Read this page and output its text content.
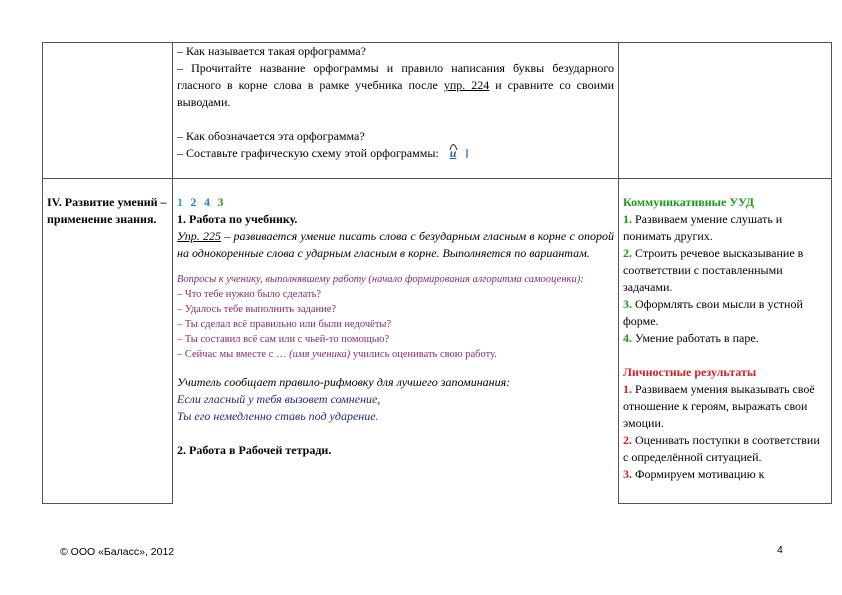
– Как называется такая орфограмма?

– Прочитайте название орфограммы и правило написания буквы безударного гласного в корне слова в рамке учебника после упр. 224 и сравните со своими выводами.

– Как обозначается эта орфограмма?

– Составьте графическую схему этой орфограммы: и

IV. Развитие умений – применение знания.

1 2 4 3

1. Работа по учебнику.

Упр. 225 – развивается умение писать слова с безударным гласным в корне с опорой на однокоренные слова с ударным гласным в корне. Выполняется по вариантам.

Вопросы к ученику, выполнявшему работу (начало формирования алгоритма самооценки):

– Что тебе нужно было сделать?

– Удалось тебе выполнить задание?

– Ты сделал всё правильно или были недочёты?

– Ты составил всё сам или с чьей-то помощью?

– Сейчас мы вместе с … (имя ученика) учились оценивать свою работу.

Учитель сообщает правило-рифмовку для лучшего запоминания:

Если гласный у тебя вызовет сомнение,

Ты его немедленно ставь под ударение.

2. Работа в Рабочей тетради.

Коммуникативные УУД

1. Развиваем умение слушать и понимать других.

2. Строить речевое высказывание в соответствии с поставленными задачами.

3. Оформлять свои мысли в устной форме.

4. Умение работать в паре.

Личностные результаты

1. Развиваем умения выказывать своё отношение к героям, выражать свои эмоции.

2. Оценивать поступки в соответствии с определённой ситуацией.

3. Формируем мотивацию к

© ООО «Баласс», 2012	4
